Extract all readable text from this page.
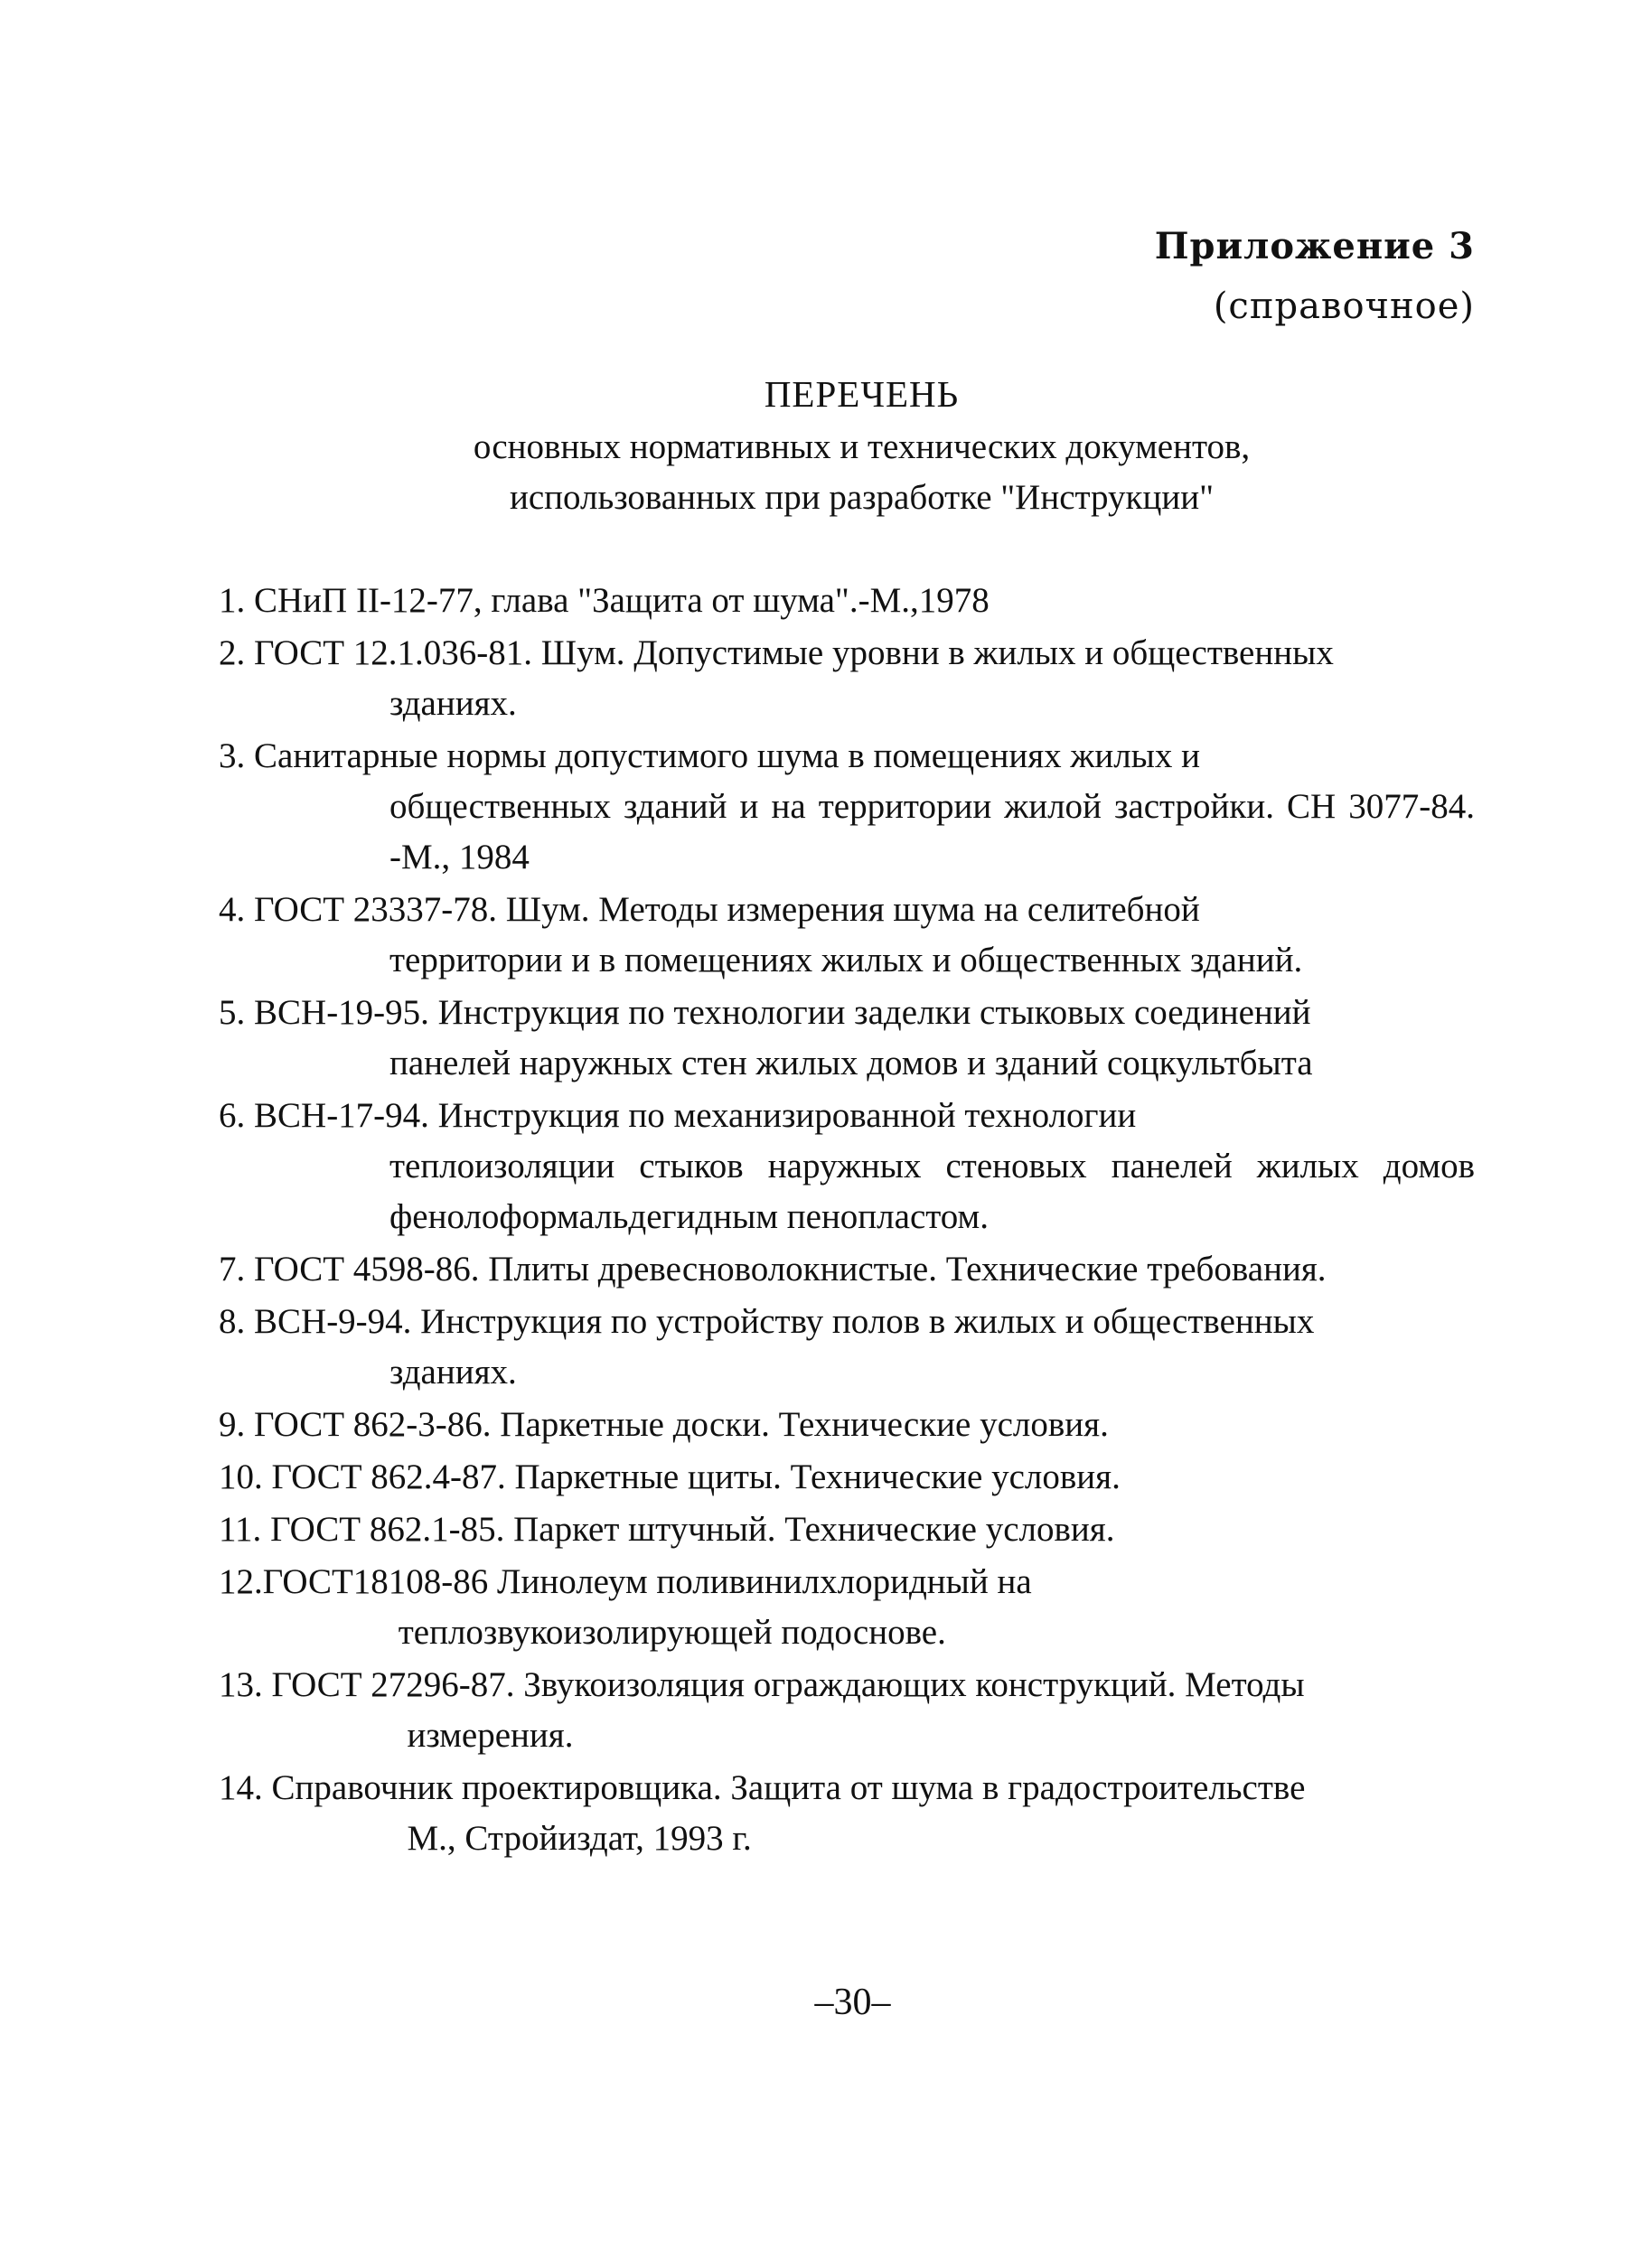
Приложение 3
(справочное)
ПЕРЕЧЕНЬ
основных нормативных и технических документов,
использованных при разработке "Инструкции"
1. СНиП II-12-77, глава "Защита от шума".-М.,1978
2. ГОСТ 12.1.036-81. Шум. Допустимые уровни в жилых и общественных
зданиях.
3. Санитарные нормы допустимого шума в помещениях жилых и
общественных зданий и на территории жилой застройки. СН 3077-84. -М., 1984
4. ГОСТ 23337-78. Шум. Методы измерения шума на селитебной
территории и в помещениях жилых и общественных зданий.
5. ВСН-19-95. Инструкция по технологии заделки стыковых соединений
панелей наружных стен жилых домов и зданий соцкультбыта
6. ВСН-17-94. Инструкция по механизированной технологии
теплоизоляции стыков наружных стеновых панелей жилых домов фенолоформальдегидным пенопластом.
7. ГОСТ 4598-86. Плиты древесноволокнистые. Технические требования.
8. ВСН-9-94. Инструкция по устройству полов в жилых и общественных
зданиях.
9. ГОСТ 862-3-86. Паркетные доски. Технические условия.
10. ГОСТ 862.4-87. Паркетные щиты. Технические условия.
11. ГОСТ 862.1-85. Паркет штучный. Технические условия.
12. ГОСТ18108-86 Линолеум поливинилхлоридный на
теплозвукоизолирующей подоснове.
13. ГОСТ 27296-87. Звукоизоляция ограждающих конструкций. Методы
измерения.
14. Справочник проектировщика. Защита от шума в градостроительстве
М., Стройиздат, 1993 г.
–30–
